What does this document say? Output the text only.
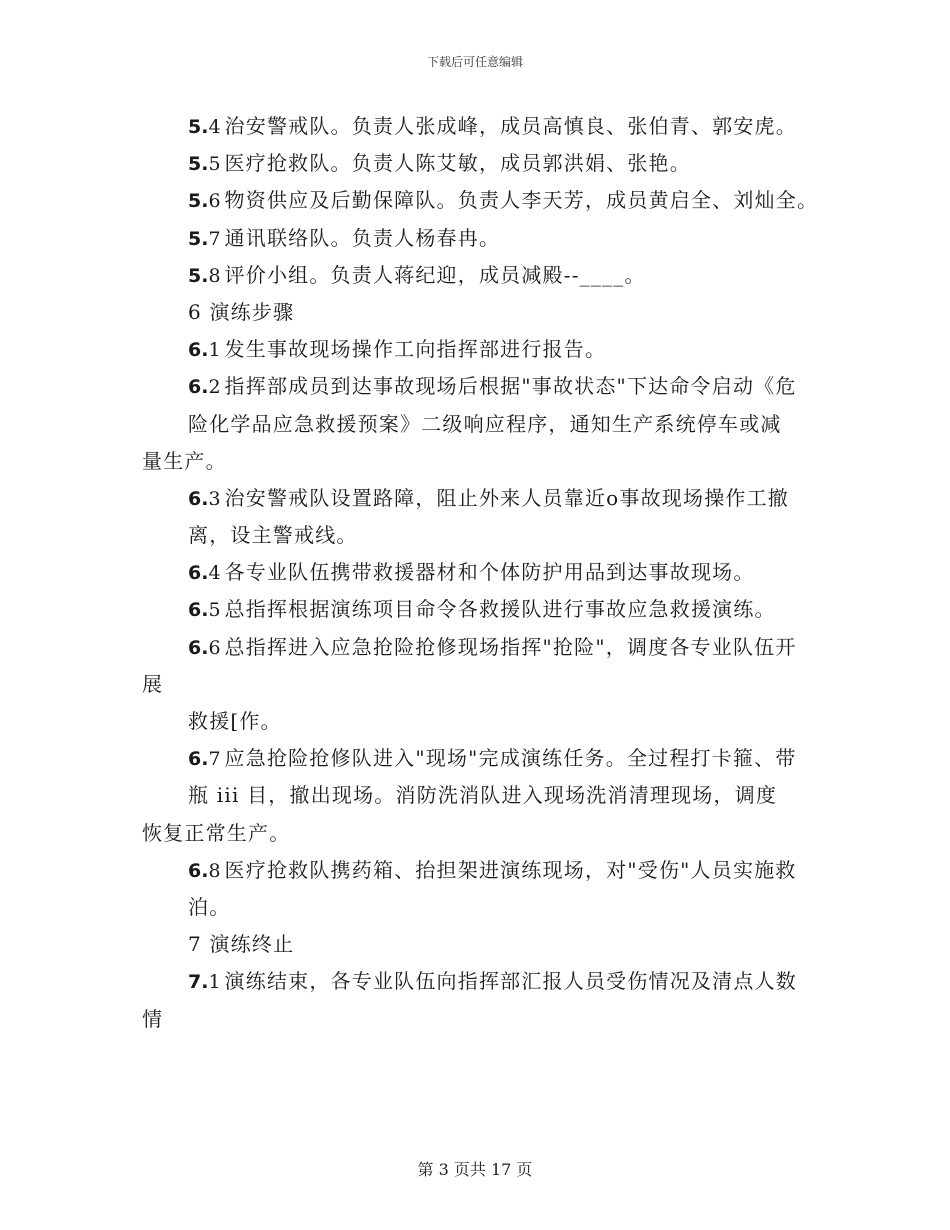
下载后可任意编辑
5.4 治安警戒队。负责人张成峰，成员高慎良、张伯青、郭安虎。
5.5 医疗抢救队。负责人陈艾敏，成员郭洪娟、张艳。
5.6 物资供应及后勤保障队。负责人李天芳，成员黄启全、刘灿全。
5.7 通讯联络队。负责人杨春冉。
5.8 评价小组。负责人蒋纪迎，成员减殿--____。
6 演练步骤
6.1 发生事故现场操作工向指挥部进行报告。
6.2 指挥部成员到达事故现场后根据"事故状态"下达命令启动《危
险化学品应急救援预案》二级响应程序，通知生产系统停车或减
量生产。
6.3 治安警戒队设置路障，阻止外来人员靠近o事故现场操作工撤
离，设主警戒线。
6.4 各专业队伍携带救援器材和个体防护用品到达事故现场。
6.5 总指挥根据演练项目命令各救援队进行事故应急救援演练。
6.6 总指挥进入应急抢险抢修现场指挥"抢险"，调度各专业队伍开
展
救援[作。
6.7 应急抢险抢修队进入"现场"完成演练任务。全过程打卡箍、带
瓶 iii 目，撤出现场。消防洗消队进入现场洗消清理现场，调度
恢复正常生产。
6.8 医疗抢救队携药箱、抬担架进演练现场，对"受伤"人员实施救
泊。
7 演练终止
7.1 演练结束，各专业队伍向指挥部汇报人员受伤情况及清点人数
情
第 3 页共 17 页
